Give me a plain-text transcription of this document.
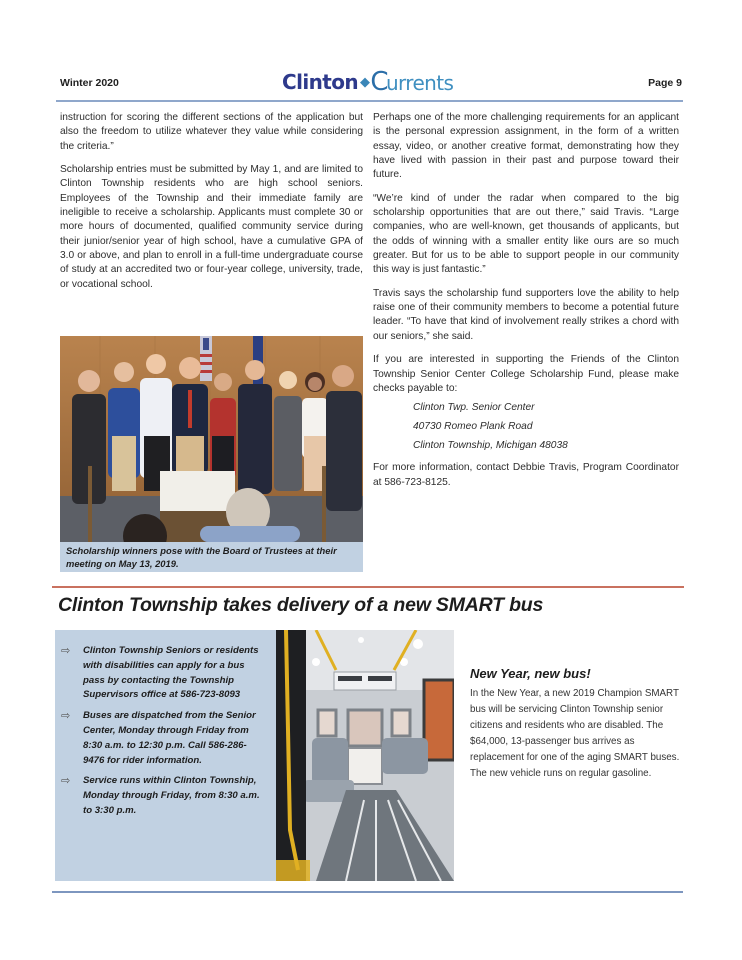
Winter 2020	Clinton ◆ Currents	Page 9

instruction for scoring the different sections of the application but also the freedom to utilize whatever they value while considering the criteria.”

Scholarship entries must be submitted by May 1, and are limited to Clinton Township residents who are high school seniors. Employees of the Township and their immediate family are ineligible to receive a scholarship. Applicants must complete 30 or more hours of documented, qualified community service during their junior/senior year of high school, have a cumulative GPA of 3.0 or above, and plan to enroll in a full-time undergraduate course of study at an accredited two or four-year college, university, trade, or vocational school.

Scholarship winners pose with the Board of Trustees at their meeting on May 13, 2019.

Perhaps one of the more challenging requirements for an applicant is the personal expression assignment, in the form of a written essay, video, or another creative format, demonstrating how they have lived with passion in their past and purpose toward their future.

“We’re kind of under the radar when compared to the big scholarship opportunities that are out there,” said Travis. “Large companies, who are well-known, get thousands of applicants, but the odds of winning with a smaller entity like ours are so much greater. But for us to be able to support people in our community this way is just fantastic.”

Travis says the scholarship fund supporters love the ability to help raise one of their community members to become a potential future leader. “To have that kind of involvement really strikes a chord with our seniors,” she said.

If you are interested in supporting the Friends of the Clinton Township Senior Center College Scholarship Fund, please make checks payable to:

Clinton Twp. Senior Center

40730 Romeo Plank Road

Clinton Township, Michigan 48038

For more information, contact Debbie Travis, Program Coordinator at 586-723-8125.

Clinton Township takes delivery of a new SMART bus
⇨	Clinton Township Seniors or residents with disabilities can apply for a bus pass by contacting the Township Supervisors office at 586-723-8093
⇨	Buses are dispatched from the Senior Center, Monday through Friday from 8:30 a.m. to 12:30 p.m. Call 586-286-9476 for rider information.
⇨	Service runs within Clinton Township, Monday through Friday, from 8:30 a.m. to 3:30 p.m.
New Year, new bus!

In the New Year, a new 2019 Champion SMART bus will be servicing Clinton Township senior citizens and residents who are disabled. The $64,000, 13-passenger bus arrives as replacement for one of the aging SMART buses. The new vehicle runs on regular gasoline.
